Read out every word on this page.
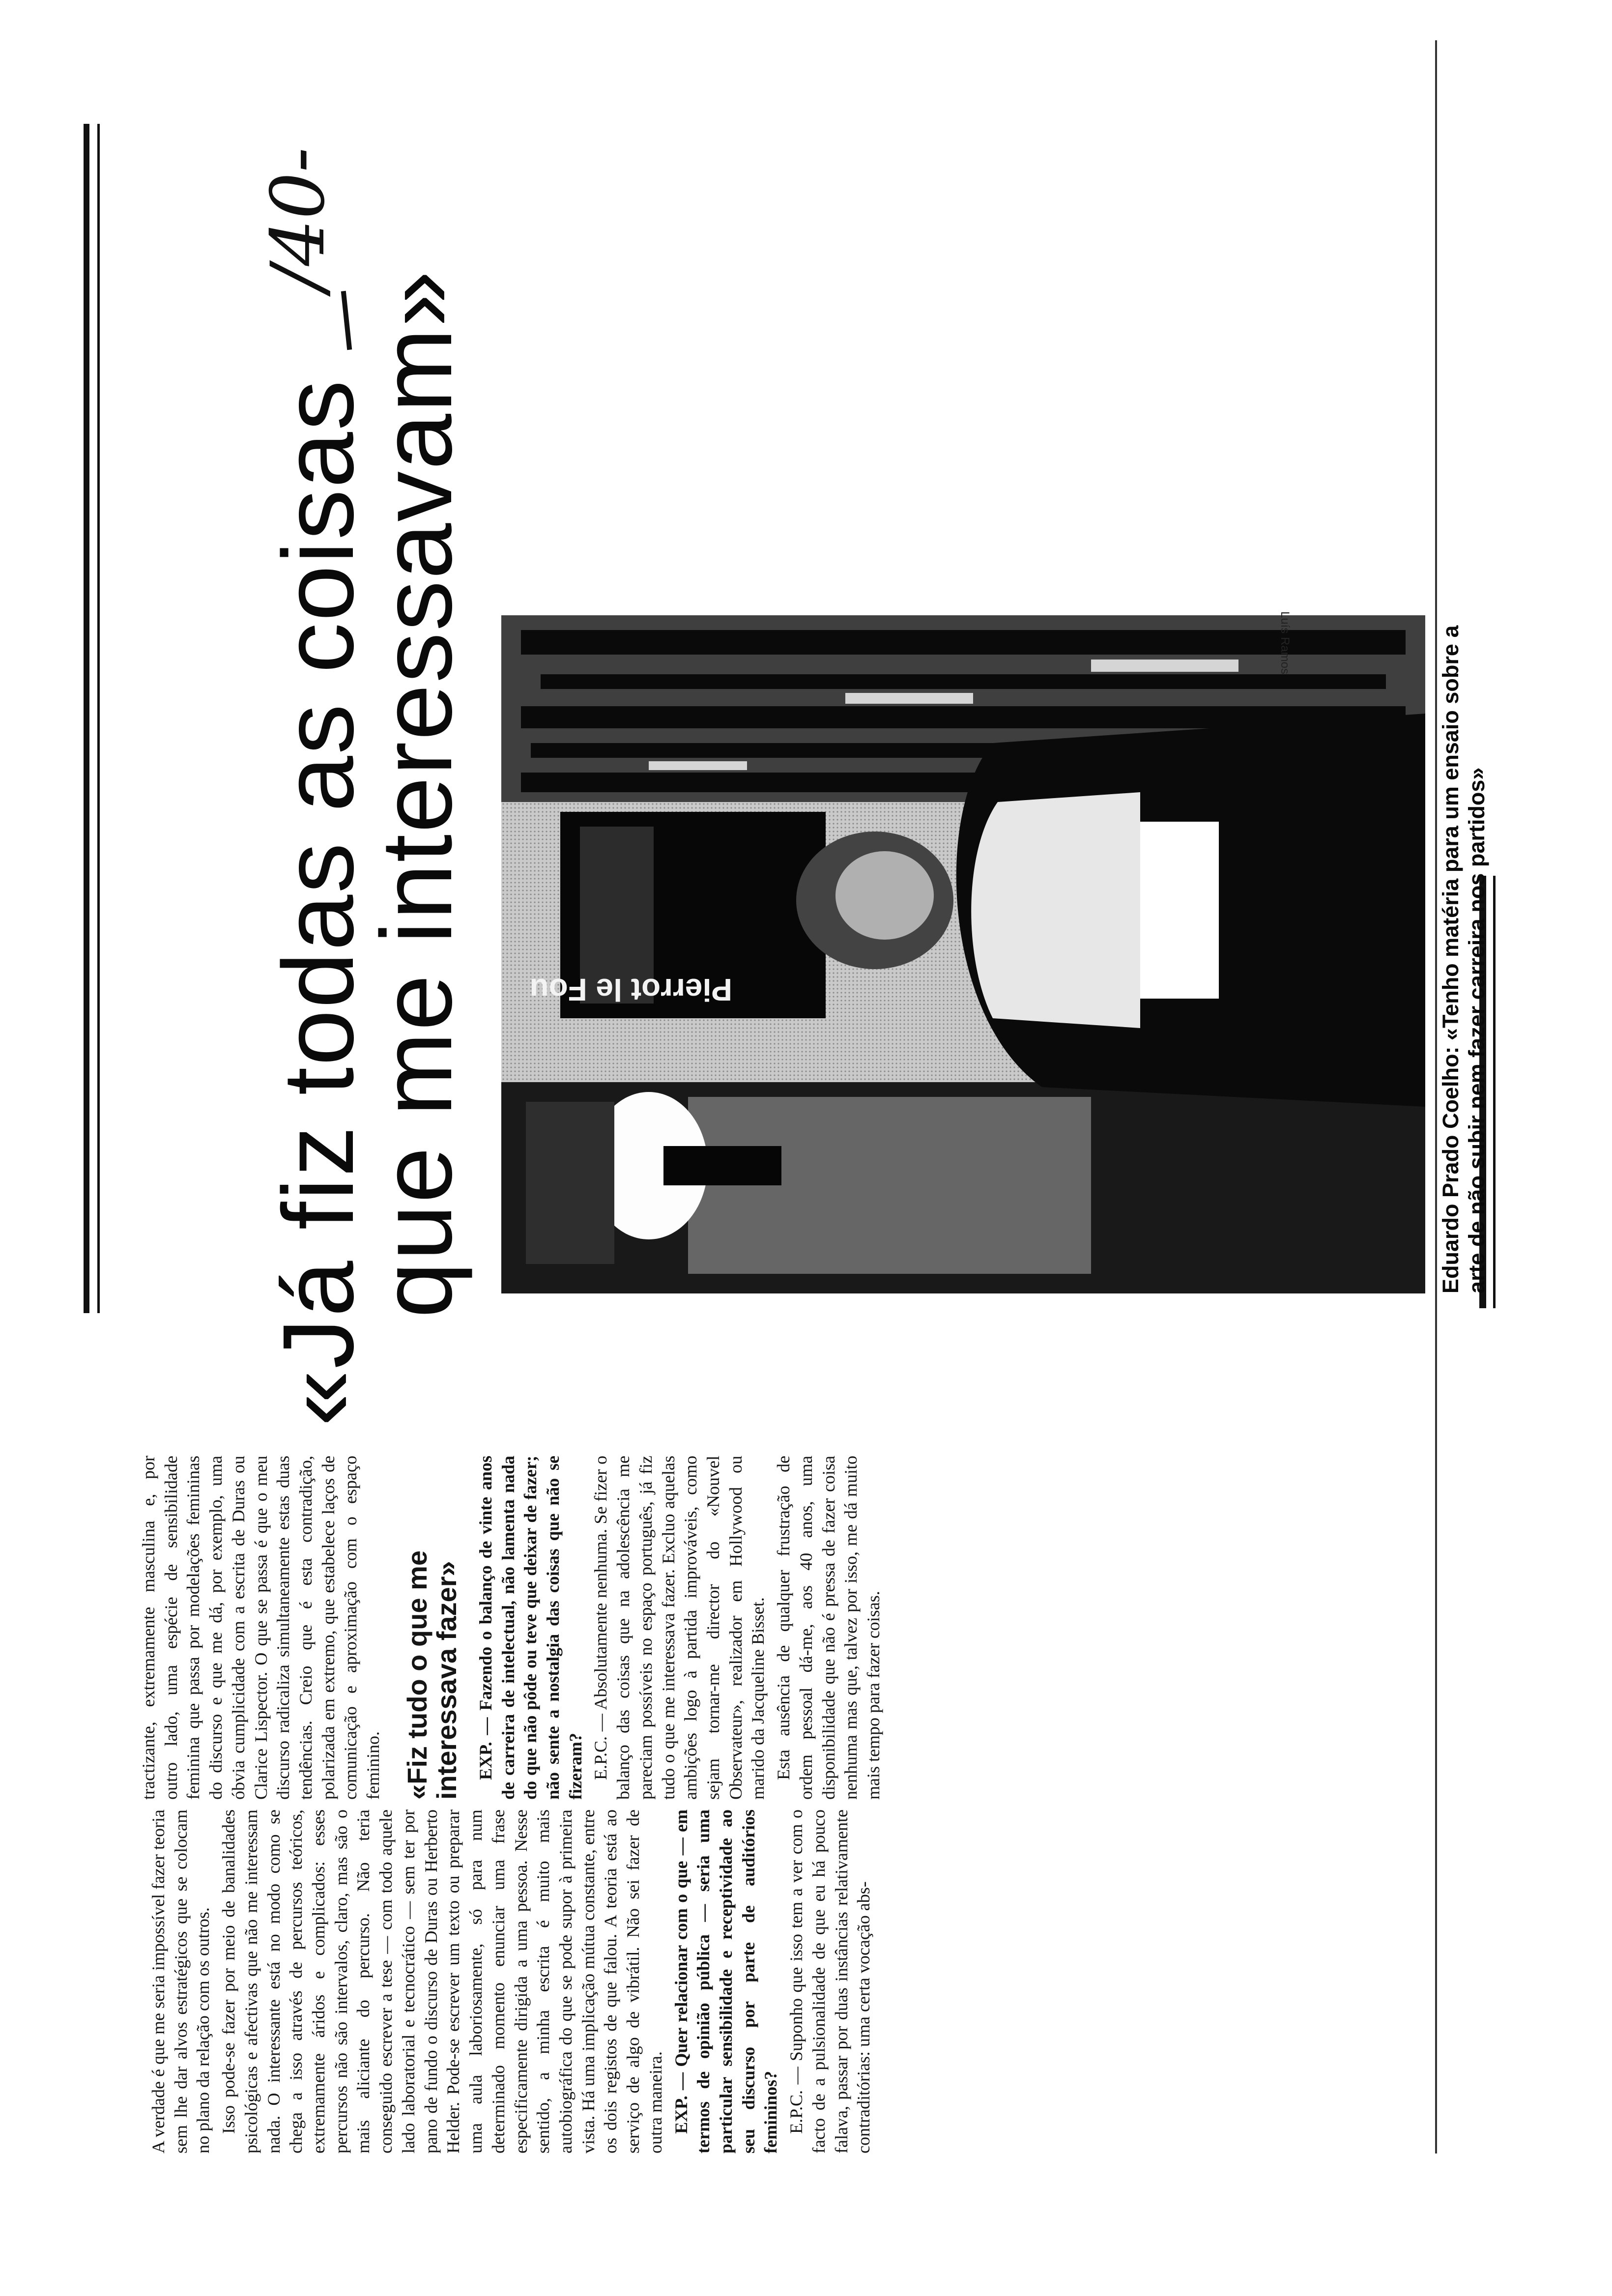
«Já fiz todas as coisas
que me interessavam»
/40-
Pierrot le Fou
Luís Ramos	Eduardo Prado Coelho: «Tenho matéria para um ensaio sobre a arte de não subir nem fazer carreira nos partidos»

A verdade é que me seria impossível fazer teoria sem lhe dar alvos estratégicos que se colocam no plano da relação com os outros. Isso pode-se fazer por meio de banalidades psicológicas e afectivas que não me interessam nada. O interessante está no modo como se chega a isso através de percursos teóricos, extremamente áridos e complicados: esses percursos não são intervalos, claro, mas são o mais aliciante do percurso. Não teria conseguido escrever a tese — com todo aquele lado laboratorial e tecnocrático — sem ter por pano de fundo o discurso de Duras ou Herberto Helder. Pode-se escrever um texto ou preparar uma aula laboriosamente, só para num determinado momento enunciar uma frase especificamente dirigida a uma pessoa. Nesse sentido, a minha escrita é muito mais autobiográfica do que se pode supor à primeira vista. Há uma implicação mútua constante, entre os dois registos de que falou. A teoria está ao serviço de algo de vibrátil. Não sei fazer de outra maneira. EXP. — Quer relacionar com o que — em termos de opinião pública — seria uma particular sensibilidade e receptividade ao seu discurso por parte de auditórios femininos? E.P.C. — Suponho que isso tem a ver com o facto de a pulsionalidade de que eu há pouco falava, passar por duas instâncias relativamente contraditórias: uma certa vocação abs-

tractizante, extremamente masculina e, por outro lado, uma espécie de sensibilidade feminina que passa por modelações femininas do discurso e que me dá, por exemplo, uma óbvia cumplicidade com a escrita de Duras ou Clarice Lispector. O que se passa é que o meu discurso radicaliza simultaneamente estas duas tendências. Creio que é esta contradição, polarizada em extremo, que estabelece laços de comunicação e aproximação com o espaço feminino. «Fiz tudo o que me interessava fazer» EXP. — Fazendo o balanço de vinte anos de carreira de intelectual, não lamenta nada do que não pôde ou teve que deixar de fazer; não sente a nostalgia das coisas que não se fizeram? E.P.C. — Absolutamente nenhuma. Se fizer o balanço das coisas que na adolescência me pareciam possíveis no espaço português, já fiz tudo o que me interessava fazer. Excluo aquelas ambições logo à partida improváveis, como sejam tornar-me director do «Nouvel Observateur», realizador em Hollywood ou marido da Jacqueline Bisset. Esta ausência de qualquer frustração de ordem pessoal dá-me, aos 40 anos, uma disponibilidade que não é pressa de fazer coisa nenhuma mas que, talvez por isso, me dá muito mais tempo para fazer coisas.
